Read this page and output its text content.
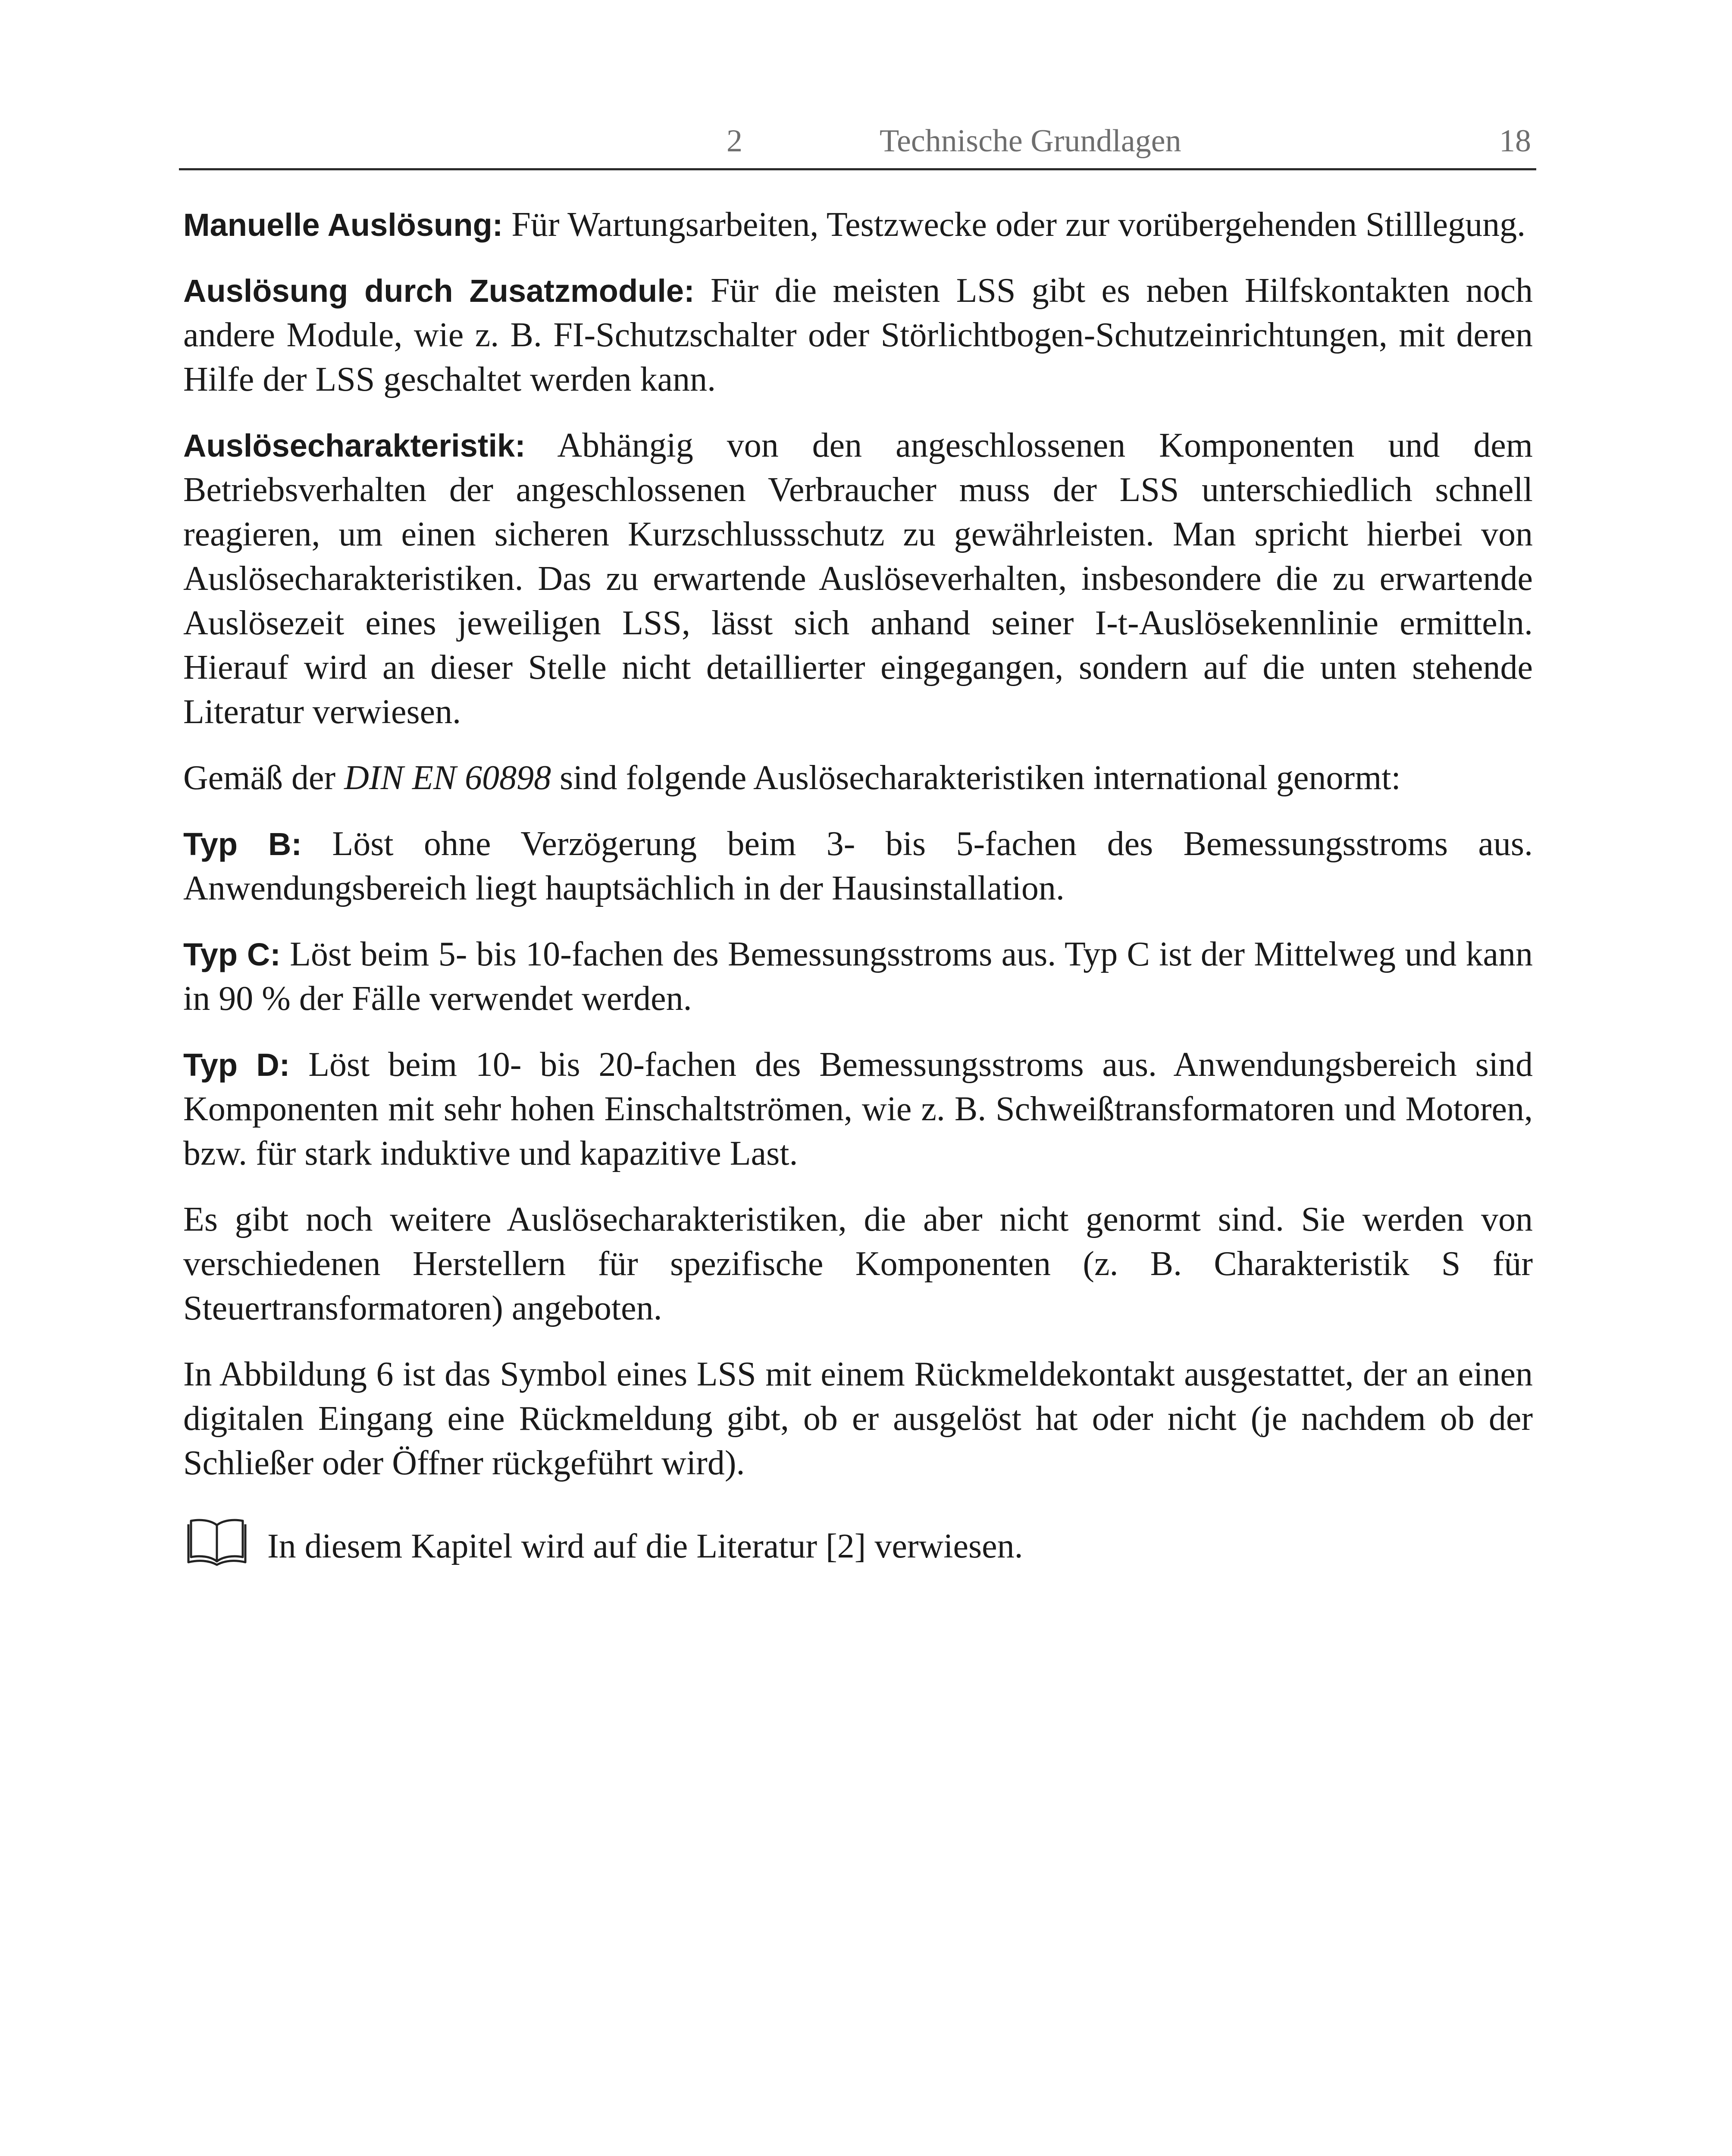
2	Technische Grundlagen	18

Manuelle Auslösung: Für Wartungsarbeiten, Testzwecke oder zur vorübergehenden Stilllegung.

Auslösung durch Zusatzmodule: Für die meisten LSS gibt es neben Hilfskontakten noch andere Module, wie z. B. FI-Schutzschalter oder Störlichtbogen-Schutzeinrichtungen, mit deren Hilfe der LSS geschaltet werden kann.

Auslösecharakteristik: Abhängig von den angeschlossenen Komponenten und dem Betriebsverhalten der angeschlossenen Verbraucher muss der LSS unterschiedlich schnell reagieren, um einen sicheren Kurzschlussschutz zu gewährleisten. Man spricht hierbei von Auslösecharakteristiken. Das zu erwartende Auslöseverhalten, insbesondere die zu erwartende Auslösezeit eines jeweiligen LSS, lässt sich anhand seiner I-t-Auslösekennlinie ermitteln. Hierauf wird an dieser Stelle nicht detaillierter eingegangen, sondern auf die unten stehende Literatur verwiesen.

Gemäß der DIN EN 60898 sind folgende Auslösecharakteristiken international genormt:

Typ B: Löst ohne Verzögerung beim 3- bis 5-fachen des Bemessungsstroms aus. Anwendungsbereich liegt hauptsächlich in der Hausinstallation.

Typ C: Löst beim 5- bis 10-fachen des Bemessungsstroms aus. Typ C ist der Mittelweg und kann in 90 % der Fälle verwendet werden.

Typ D: Löst beim 10- bis 20-fachen des Bemessungsstroms aus. Anwendungsbereich sind Komponenten mit sehr hohen Einschaltströmen, wie z. B. Schweißtransformatoren und Motoren, bzw. für stark induktive und kapazitive Last.

Es gibt noch weitere Auslösecharakteristiken, die aber nicht genormt sind. Sie werden von verschiedenen Herstellern für spezifische Komponenten (z. B. Charakteristik S für Steuertransformatoren) angeboten.

In Abbildung 6 ist das Symbol eines LSS mit einem Rückmeldekontakt ausgestattet, der an einen digitalen Eingang eine Rückmeldung gibt, ob er ausgelöst hat oder nicht (je nachdem ob der Schließer oder Öffner rückgeführt wird).

In diesem Kapitel wird auf die Literatur [2] verwiesen.
